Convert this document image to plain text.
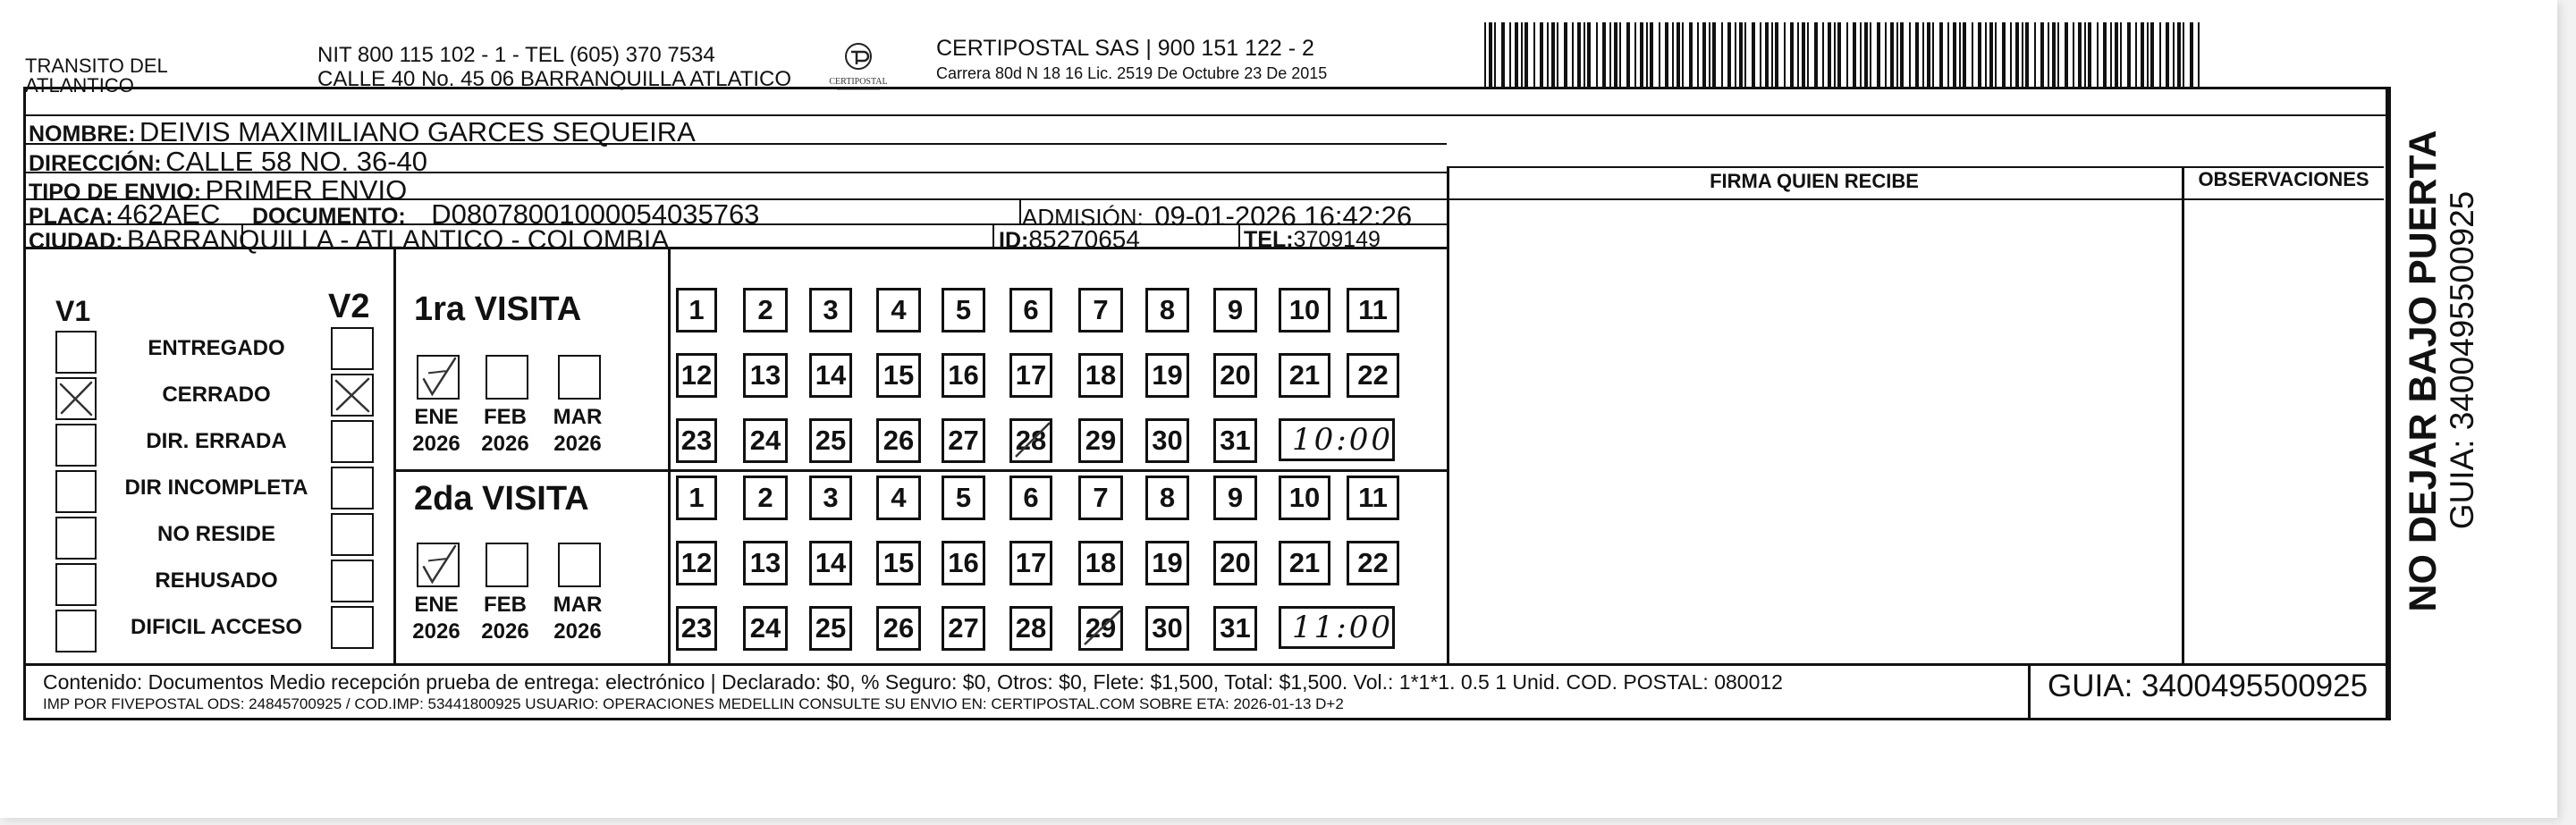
TRANSITO DEL ATLANTICO
NIT 800 115 102 - 1 - TEL (605) 370 7534
CALLE 40 No. 45 06 BARRANQUILLA ATLATICO	CERTIPOSTAL
CERTIPOSTAL SAS | 900 151 122 - 2
Carrera 80d N 18 16 Lic. 2519 De Octubre 23 De 2015
NOMBRE: DEIVIS MAXIMILIANO GARCES SEQUEIRA
DIRECCIÓN: CALLE 58 NO. 36-40
TIPO DE ENVIO: PRIMER ENVIO
PLACA: 462AEC DOCUMENTO: D08078001000054035763	ADMISIÓN: 09-01-2026 16:42:26
CIUDAD: BARRANQUILLA - ATLANTICO - COLOMBIA	ID:85270654	TEL:3709149
FIRMA QUIEN RECIBE	OBSERVACIONES
V1	V2
ENTREGADO
CERRADO
DIR. ERRADA
DIR INCOMPLETA
NO RESIDE
REHUSADO
DIFICIL ACCESO
1ra VISITA
2da VISITA
ENE
2026
FEB
2026
MAR
2026
1 2 3 4 5 6 7 8 9 10 11
12 13 14 15 16 17 18 19 20 21 22
23 24 25 26 27 28 29 30 31 10:00
ENE
2026
FEB
2026
MAR
2026
1 2 3 4 5 6 7 8 9 10 11
12 13 14 15 16 17 18 19 20 21 22
23 24 25 26 27 28 29 30 31 11:00
Contenido: Documentos Medio recepción prueba de entrega: electrónico | Declarado: $0, % Seguro: $0, Otros: $0, Flete: $1,500, Total: $1,500. Vol.: 1*1*1. 0.5 1 Unid. COD. POSTAL: 080012
IMP POR FIVEPOSTAL ODS: 24845700925 / COD.IMP: 53441800925 USUARIO: OPERACIONES MEDELLIN CONSULTE SU ENVIO EN: CERTIPOSTAL.COM SOBRE ETA: 2026-01-13 D+2
GUIA: 3400495500925
NO DEJAR BAJO PUERTA GUIA: 3400495500925
